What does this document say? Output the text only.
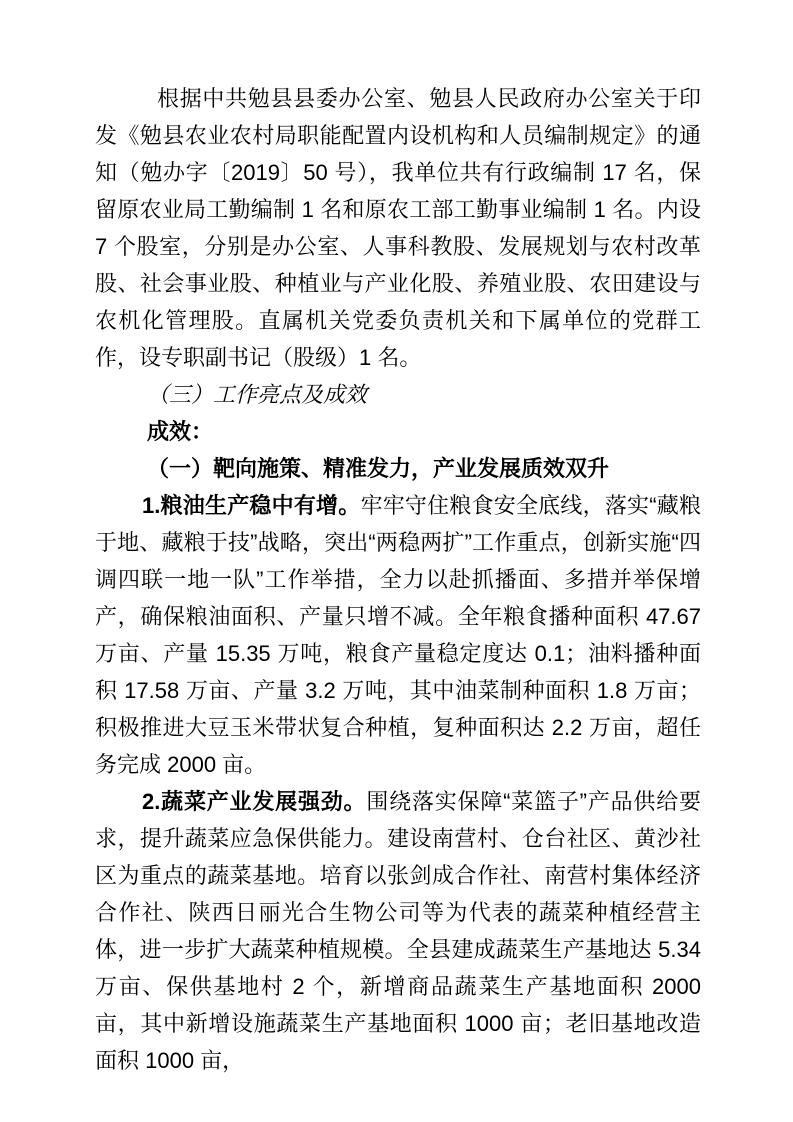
根据中共勉县县委办公室、勉县人民政府办公室关于印发《勉县农业农村局职能配置内设机构和人员编制规定》的通知（勉办字〔2019〕50 号），我单位共有行政编制 17 名，保留原农业局工勤编制 1 名和原农工部工勤事业编制 1 名。内设 7 个股室，分别是办公室、人事科教股、发展规划与农村改革股、社会事业股、种植业与产业化股、养殖业股、农田建设与农机化管理股。直属机关党委负责机关和下属单位的党群工作，设专职副书记（股级）1 名。

（三）工作亮点及成效

成效：

（一）靶向施策、精准发力，产业发展质效双升

1.粮油生产稳中有增。牢牢守住粮食安全底线，落实“藏粮于地、藏粮于技”战略，突出“两稳两扩”工作重点，创新实施“四调四联一地一队”工作举措，全力以赴抓播面、多措并举保增产，确保粮油面积、产量只增不减。全年粮食播种面积 47.67 万亩、产量 15.35 万吨，粮食产量稳定度达 0.1；油料播种面积 17.58 万亩、产量 3.2 万吨，其中油菜制种面积 1.8 万亩；积极推进大豆玉米带状复合种植，复种面积达 2.2 万亩，超任务完成 2000 亩。

2.蔬菜产业发展强劲。围绕落实保障“菜篮子”产品供给要求，提升蔬菜应急保供能力。建设南营村、仓台社区、黄沙社区为重点的蔬菜基地。培育以张剑成合作社、南营村集体经济合作社、陕西日丽光合生物公司等为代表的蔬菜种植经营主体，进一步扩大蔬菜种植规模。全县建成蔬菜生产基地达 5.34 万亩、保供基地村 2 个，新增商品蔬菜生产基地面积 2000 亩，其中新增设施蔬菜生产基地面积 1000 亩；老旧基地改造面积 1000 亩，
